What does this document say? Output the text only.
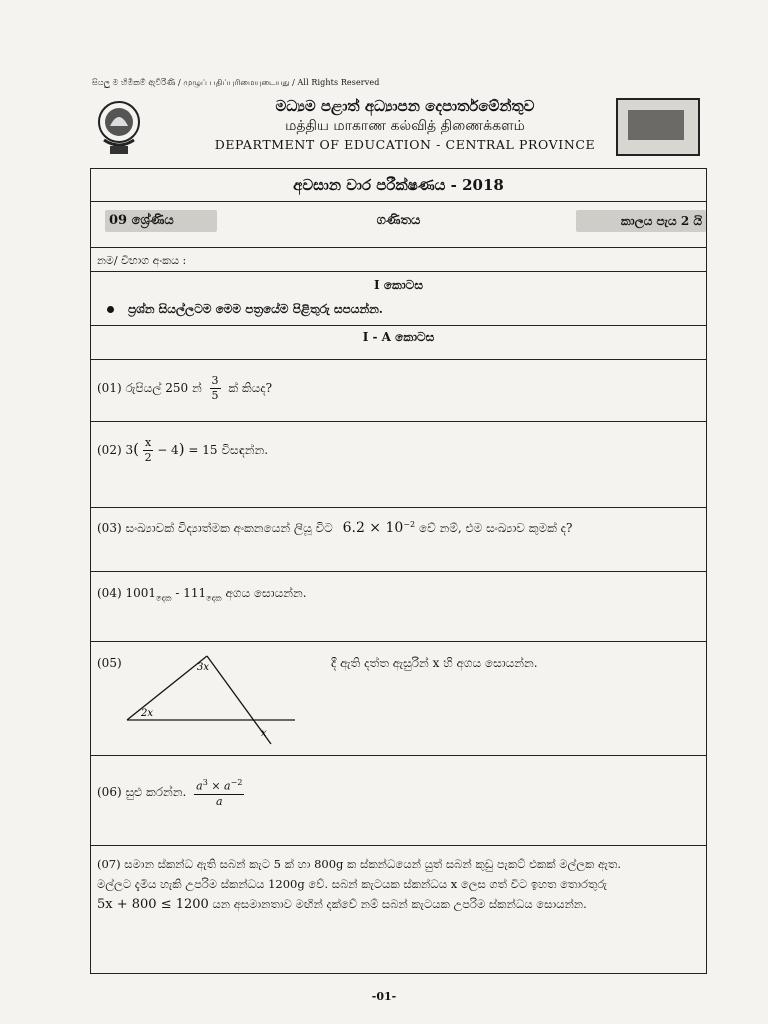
සියලු ම හිමිකම් ඇවිරිණි / முழுப் பதிப்புரிமையுடையது / All Rights Reserved
මධ්‍යම පළාත් අධ්‍යාපන දෙපාර්තමේන්තුව
மத்திய மாகாண கல்வித் திணைக்களம்
DEPARTMENT OF EDUCATION - CENTRAL PROVINCE
අවසාන වාර පරීක්ෂණය - 2018
09 ශ්‍රේණිය	ගණිතය	කාලය පැය 2 යි
නම/ විභාග අංකය :
I කොටස
ප්‍රශ්න සියල්ලටම මෙම පත්‍රයේම පිළිතුරු සපයන්න.
I - A කොටස
(01) රුපියල් 250 න් $\frac{3}{5}$ ක් කියද?
(02) $3( \frac{x}{2} - 4) = 15$ විසඳන්න.
(03) සංඛ්‍යාවක් විද්‍යාත්මක අංකනයෙන් ලියූ විට $6.2 \times 10^{-2}$ වේ නම්, එම සංඛ්‍යාව කුමක් ද?
(04) $1001_{දෙක} - 111_{දෙක}$ අගය සොයන්න.
(05)	3x
2x
x
දී ඇති දත්ත ඇසුරින් x හි අගය සොයන්න.
(06) සුළු කරන්න. $\frac{a^3 \times a^{-2}}{a}$
(07) සමාන ස්කන්ධ ඇති සබන් කැට 5 ක් හා 800g ක ස්කන්ධයෙන් යුත් සබන් කුඩු පැකට් එකක් මල්ලක ඇත.
මල්ලට දැමිය හැකි උපරිම ස්කන්ධය 1200g වේ. සබන් කැටයක ස්කන්ධය x ලෙස ගත් විට ඉහත තොරතුරු
5x + 800 ≤ 1200 යන අසමානතාව මඟින් දක්වේ නම් සබන් කැටයක උපරිම ස්කන්ධය සොයන්න.
-01-
